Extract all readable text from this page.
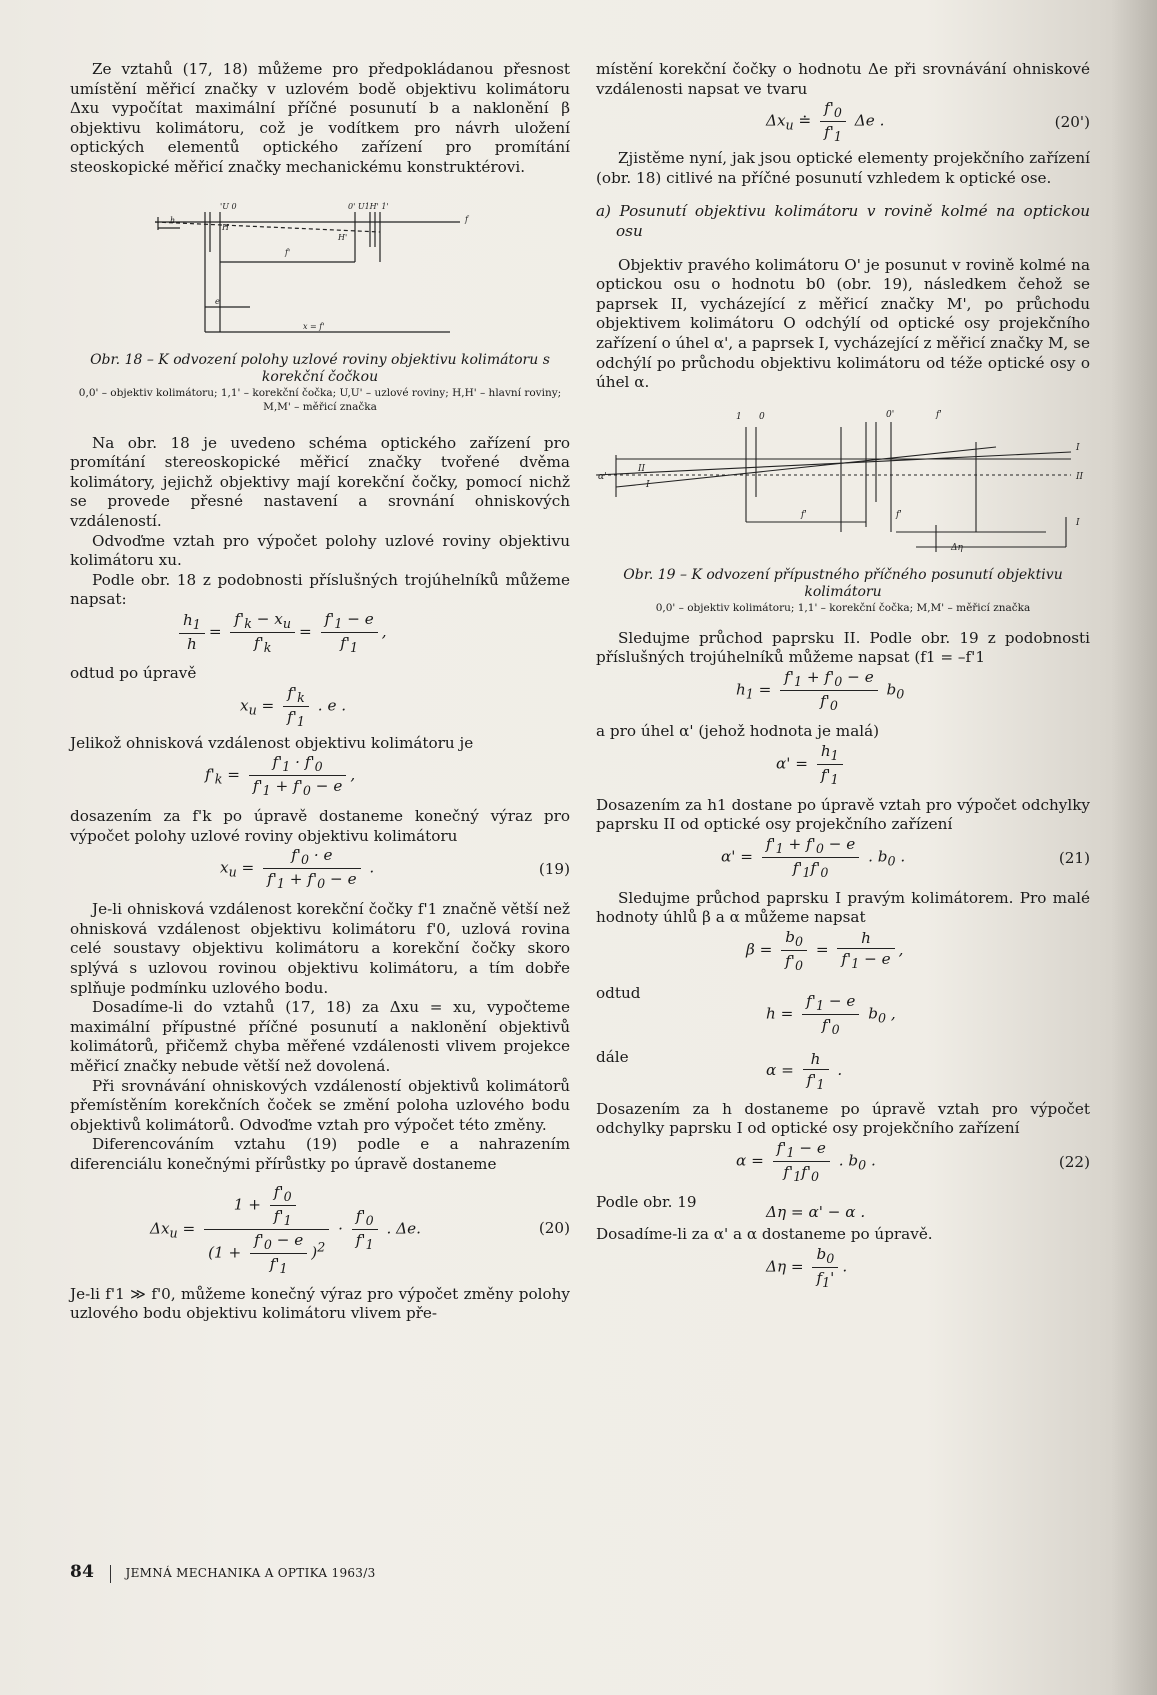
Ze vztahů (17, 18) můžeme pro předpokládanou přesnost umístění měřicí značky v uzlovém bodě objektivu kolimátoru Δxu vypočítat maximální příčné posunutí b a naklonění β objektivu kolimátoru, což je vodítkem pro návrh uložení optických elementů optického zařízení pro promítání steoskopické měřicí značky mechanickému konstruktérovi.

'U 0	0' U1H' 1'
H
H'
f
h
f'
e
x = f'
Obr. 18 – K odvození polohy uzlové roviny objektivu kolimátoru s korekční čočkou
0,0' – objektiv kolimátoru; 1,1' – korekční čočka; U,U' – uzlové roviny; H,H' – hlavní roviny; M,M' – měřicí značka

Na obr. 18 je uvedeno schéma optického zařízení pro promítání stereoskopické měřicí značky tvořené dvěma kolimátory, jejichž objektivy mají korekční čočky, pomocí nichž se provede přesné nastavení a srovnání ohniskových vzdáleností.

Odvoďme vztah pro výpočet polohy uzlové roviny objektivu kolimátoru xu.

Podle obr. 18 z podobnosti příslušných trojúhelníků můžeme napsat:

$\frac{h_1}{h} = \frac{f'_k - x_u}{f'_k} = \frac{f'_1 - e}{f'_1}$ ,

odtud po úpravě

$x_u = \frac{f'_k}{f'_1}$ . e .

Jelikož ohnisková vzdálenost objektivu kolimátoru je

$f'_k = \frac{f'_1 \cdot f'_0}{f'_1 + f'_0 - e}$ ,

dosazením za f'k po úpravě dostaneme konečný výraz pro výpočet polohy uzlové roviny objektivu kolimátoru

$x_u = \frac{f'_0 \cdot e}{f'_1 + f'_0 - e}$ .	(19)

Je-li ohnisková vzdálenost korekční čočky f'1 značně větší než ohnisková vzdálenost objektivu kolimátoru f'0, uzlová rovina celé soustavy objektivu kolimátoru a korekční čočky skoro splývá s uzlovou rovinou objektivu kolimátoru, a tím dobře splňuje podmínku uzlového bodu.

Dosadíme-li do vztahů (17, 18) za Δxu = xu, vypočteme maximální přípustné příčné posunutí a naklonění objektivů kolimátorů, přičemž chyba měřené vzdálenosti vlivem projekce měřicí značky nebude větší než dovolená.

Při srovnávání ohniskových vzdáleností objektivů kolimátorů přemístěním korekčních čoček se změní poloha uzlového bodu objektivů kolimátorů. Odvoďme vztah pro výpočet této změny.

Diferencováním vztahu (19) podle e a nahrazením diferenciálu konečnými přírůstky po úpravě dostaneme

$\Delta x_u = \frac{1 + \frac{f'_0}{f'_1}}{(1 + \frac{f'_0 - e}{f'_1} )^2} \cdot \frac{f'_0}{f'_1}$ . Δe.	(20)

Je-li f'1 ≫ f'0, můžeme konečný výraz pro výpočet změny polohy uzlového bodu objektivu kolimátoru vlivem pře-

místění korekční čočky o hodnotu Δe při srovnávání ohniskové vzdálenosti napsat ve tvaru

$\Delta x_u$ ≐ $\frac{f'_0}{f'_1}$ Δe .	(20')

Zjistěme nyní, jak jsou optické elementy projekčního zařízení (obr. 18) citlivé na příčné posunutí vzhledem k optické ose.

a) Posunutí objektivu kolimátoru v rovině kolmé na optickou osu

Objektiv pravého kolimátoru O' je posunut v rovině kolmé na optickou osu o hodnotu b0 (obr. 19), následkem čehož se paprsek II, vycházející z měřicí značky M', po průchodu objektivem kolimátoru O odchýlí od optické osy projekčního zařízení o úhel α', a paprsek I, vycházející z měřicí značky M, se odchýlí po průchodu objektivu kolimátoru od téže optické osy o úhel α.

1 0	0'	f'
α'
II
I
f'	f'
I
II
I
Δη
Obr. 19 – K odvození přípustného příčného posunutí objektivu kolimátoru
0,0' – objektiv kolimátoru; 1,1' – korekční čočka; M,M' – měřicí značka

Sledujme průchod paprsku II. Podle obr. 19 z podobnosti příslušných trojúhelníků můžeme napsat (f1 = –f'1

$h_1 = \frac{f'_1 + f'_0 - e}{f'_0} b_0$

a pro úhel α' (jehož hodnota je malá)

$\alpha' = \frac{h_1}{f'_1}$

Dosazením za h1 dostane po úpravě vztah pro výpočet odchylky paprsku II od optické osy projekčního zařízení

$\alpha' = \frac{f'_1 + f'_0 - e}{f'_1f'_0}$ . $b_0$ .	(21)

Sledujme průchod paprsku I pravým kolimátorem. Pro malé hodnoty úhlů β a α můžeme napsat

$\beta = \frac{b_0}{f'_0} = \frac{h}{f'_1 - e}$ ,
odtud
$h = \frac{f'_1 - e}{f'_0} b_0$ ,
dále
$\alpha = \frac{h}{f'_1}$ .

Dosazením za h dostaneme po úpravě vztah pro výpočet odchylky paprsku I od optické osy projekčního zařízení

$\alpha = \frac{f'_1 - e}{f'_1f'_0}$ . $b_0$ .	(22)
Podle obr. 19
Δη = α' − α .

Dosadíme-li za α' a α dostaneme po úpravě.

$\Delta\eta = \frac{b_0}{f_1'}$ .
84	JEMNÁ MECHANIKA A OPTIKA 1963/3
